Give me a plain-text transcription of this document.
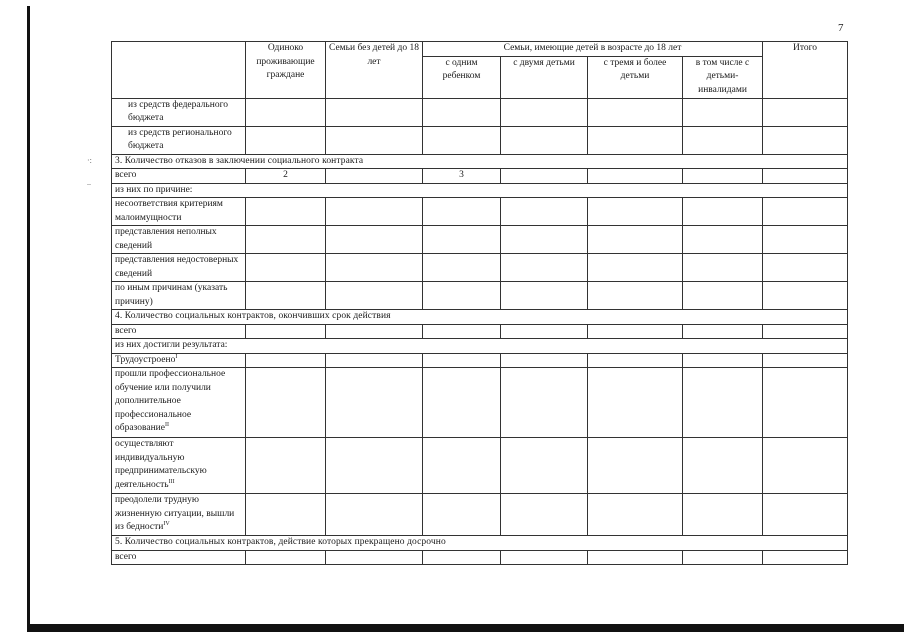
7
·:
..
	Одиноко проживающие граждане	Семьи без детей до 18 лет	Семьи, имеющие детей в возрасте до 18 лет				Итого
			с одним ребенком	с двумя детьми	с тремя и более детьми	в том числе с детьми-инвалидами	
из средств федерального бюджета							
из средств регионального бюджета							
3. Количество отказов в заключении социального контракта							
всего	2		3				
из них по причине:							
несоответствия критериям малоимущности							
представления неполных сведений							
представления недостоверных сведений							
по иным причинам (указать причину)							
4. Количество социальных контрактов, окончивших срок действия							
всего							
из них достигли результата:							
Трудоустроено$^I$							
прошли профессиональное обучение или получили дополнительное профессиональное образование$^{II}$							
осуществляют индивидуальную предпринимательскую деятельность$^{III}$							
преодолели трудную жизненную ситуации, вышли из бедности$^{IV}$							
5. Количество социальных контрактов, действие которых прекращено досрочно							
всего							
